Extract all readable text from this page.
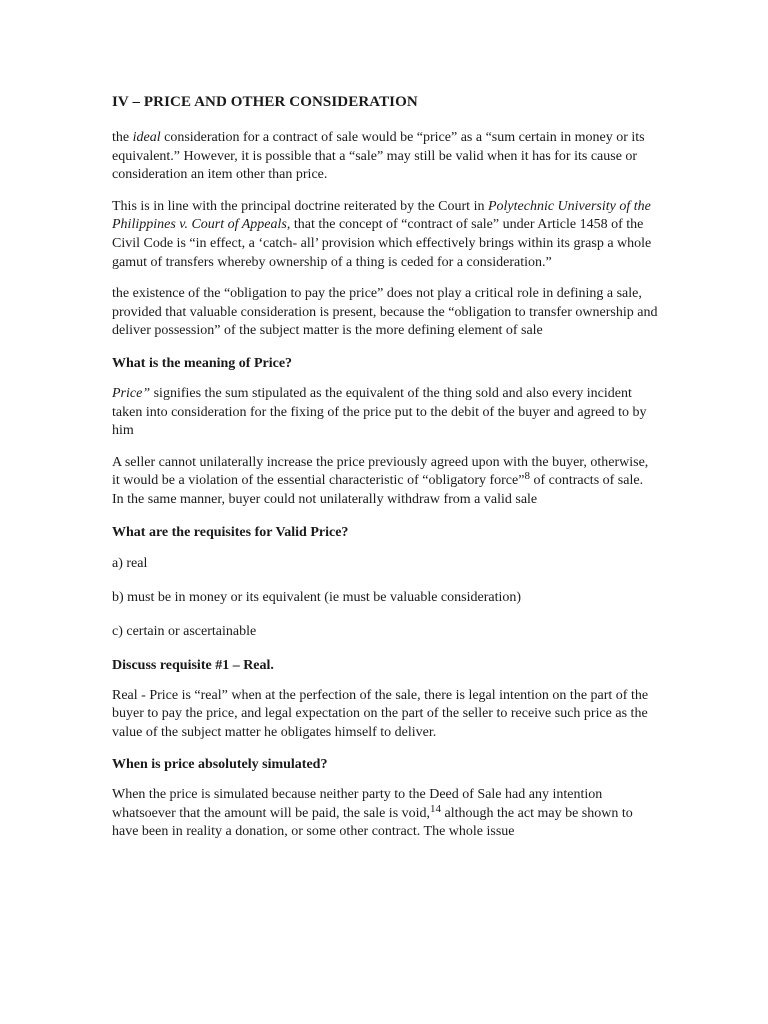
IV – PRICE AND OTHER CONSIDERATION

the ideal consideration for a contract of sale would be “price” as a “sum certain in money or its equivalent.” However, it is possible that a “sale” may still be valid when it has for its cause or consideration an item other than price.

This is in line with the principal doctrine reiterated by the Court in Polytechnic University of the Philippines v. Court of Appeals, that the concept of “contract of sale” under Article 1458 of the Civil Code is “in effect, a ‘catch- all’ provision which effectively brings within its grasp a whole gamut of transfers whereby ownership of a thing is ceded for a consideration.”

the existence of the “obligation to pay the price” does not play a critical role in defining a sale, provided that valuable consideration is present, because the “obligation to transfer ownership and deliver possession” of the subject matter is the more defining element of sale

What is the meaning of Price?

Price” signifies the sum stipulated as the equivalent of the thing sold and also every incident taken into consideration for the fixing of the price put to the debit of the buyer and agreed to by him

A seller cannot unilaterally increase the price previously agreed upon with the buyer, otherwise, it would be a violation of the essential characteristic of “obligatory force”$^8$ of contracts of sale. In the same manner, buyer could not unilaterally withdraw from a valid sale

What are the requisites for Valid Price?
a) real
b) must be in money or its equivalent (ie must be valuable consideration)
c) certain or ascertainable
Discuss requisite #1 – Real.

Real - Price is “real” when at the perfection of the sale, there is legal intention on the part of the buyer to pay the price, and legal expectation on the part of the seller to receive such price as the value of the subject matter he obligates himself to deliver.

When is price absolutely simulated?

When the price is simulated because neither party to the Deed of Sale had any intention whatsoever that the amount will be paid, the sale is void,$^{14}$ although the act may be shown to have been in reality a donation, or some other contract. The whole issue
